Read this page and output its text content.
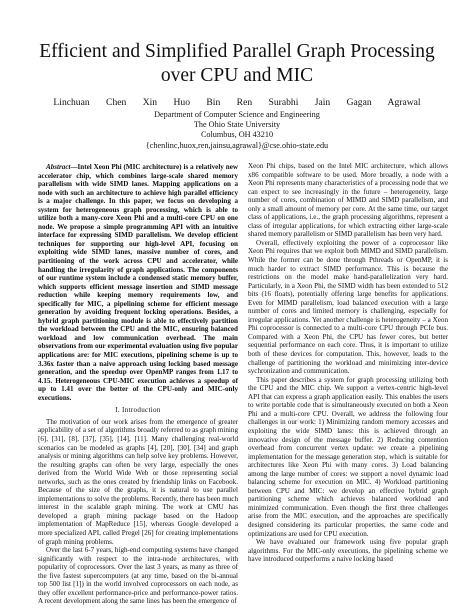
Efficient and Simplified Parallel Graph Processing
over CPU and MIC
Linchuan Chen Xin Huo Bin Ren Surabhi Jain Gagan Agrawal
Department of Computer Science and Engineering
The Ohio State University
Columbus, OH 43210
{chenlinc,huox,ren,jainsu,agrawal}@cse.ohio-state.edu

Abstract—Intel Xeon Phi (MIC architecture) is a relatively new accelerator chip, which combines large-scale shared memory parallelism with wide SIMD lanes. Mapping applications on a node with such an architecture to achieve high parallel efficiency is a major challenge. In this paper, we focus on developing a system for heterogeneous graph processing, which is able to utilize both a many-core Xeon Phi and a multi-core CPU on one node. We propose a simple programming API with an intuitive interface for expressing SIMD parallelism. We develop efficient techniques for supporting our high-level API, focusing on exploiting wide SIMD lanes, massive number of cores, and partitioning of the work across CPU and accelerator, while handling the irregularity of graph applications. The components of our runtime system include a condensed static memory buffer, which supports efficient message insertion and SIMD message reduction while keeping memory requirements low, and specifically for MIC, a pipelining scheme for efficient message generation by avoiding frequent locking operations. Besides, a hybrid graph partitioning module is able to effectively partition the workload between the CPU and the MIC, ensuring balanced workload and low communication overhead. The main observations from our experimental evaluation using five popular applications are: for MIC executions, pipelining scheme is up to 3.36x faster than a naive approach using locking based message generation, and the speedup over OpenMP ranges from 1.17 to 4.15. Heterogeneous CPU-MIC execution achieves a speedup of up to 1.41 over the better of the CPU-only and MIC-only executions.

I. Introduction

The motivation of our work arises from the emergence of greater applicability of a set of algorithms broadly referred to as graph mining [6], [31], [8], [37], [35], [14], [11]. Many challenging real-world scenarios can be modeled as graphs [4], [20], [30], [34] and graph analysis or mining algorithms can help solve key problems. However, the resulting graphs can often be very large, especially the ones derived from the World Wide Web or those representing social networks, such as the ones created by friendship links on Facebook. Because of the size of the graphs, it is natural to use parallel implementations to solve the problems. Recently, there has been much interest in the scalable graph mining. The work at CMU has developed a graph mining package based on the Hadoop implementation of MapReduce [15], whereas Google developed a more specialized API, called Pregel [26] for creating implementations of graph mining problems.

Over the last 6-7 years, high-end computing systems have changed significantly with respect to the intra-node architectures, with popularity of coprocessors. Over the last 3 years, as many as three of the five fastest supercomputers (at any time, based on the bi-annual top 500 list [1]) in the world involved coprocessors on each node, as they offer excellent performance-price and performance-power ratios. A recent development along the same lines has been the emergence of

Xeon Phi chips, based on the Intel MIC architecture, which allows x86 compatible software to be used. More broadly, a node with a Xeon Phi represents many characteristics of a processing node that we can expect to see increasingly in the future – heterogeneity, large number of cores, combination of MIMD and SIMD parallelism, and only a small amount of memory per core. At the same time, our target class of applications, i.e., the graph processing algorithms, represent a class of irregular applications, for which extracting either large-scale shared memory parallelism or SIMD parallelism has been very hard.

Overall, effectively exploiting the power of a coprocessor like Xeon Phi requires that we exploit both MIMD and SIMD parallelism. While the former can be done through Pthreads or OpenMP, it is much harder to extract SIMD performance. This is because the restrictions on the model make hand-parallelization very hard. Particularly, in a Xeon Phi, the SIMD width has been extended to 512 bits (16 floats), potentially offering large benefits for applications. Even for MIMD parallelism, load balanced execution with a large number of cores and limited memory is challenging, especially for irregular applications. Yet another challenge is heterogeneity – a Xeon Phi coprocessor is connected to a multi-core CPU through PCIe bus. Compared with a Xeon Phi, the CPU has fewer cores, but better sequential performance on each core. Thus, it is important to utilize both of these devices for computation. This, however, leads to the challenge of partitioning the workload and minimizing inter-device sychronization and communication.

This paper describes a system for graph processing utilizing both the CPU and the MIC chip. We support a vertex-centric high-level API that can express a graph application easily. This enables the users to write portable code that is simultaneously executed on both a Xeon Phi and a multi-core CPU. Overall, we address the following four challenges in our work: 1) Minimizing random memory accesses and exploiting the wide SIMD lanes: this is achieved through an innovative design of the message buffer. 2) Reducing contention overhead from concurrent vertex update: we create a pipelining implementation for the message generation step, which is suitable for architectures like Xeon Phi with many cores. 3) Load balancing among the large number of cores: we support a novel dynamic load balancing scheme for execution on MIC. 4) Workload partitioning between CPU and MIC: we develop an effective hybrid graph partitioning scheme which achieves balanced workload and minimized communication. Even though the first three challenges arise from the MIC execution, and the approaches are specifically designed considering its particular properties, the same code and optimizations are used for CPU execution.

We have evaluated our framework using five popular graph algorithms. For the MIC-only executions, the pipelining scheme we have introduced outperforms a naive locking based
